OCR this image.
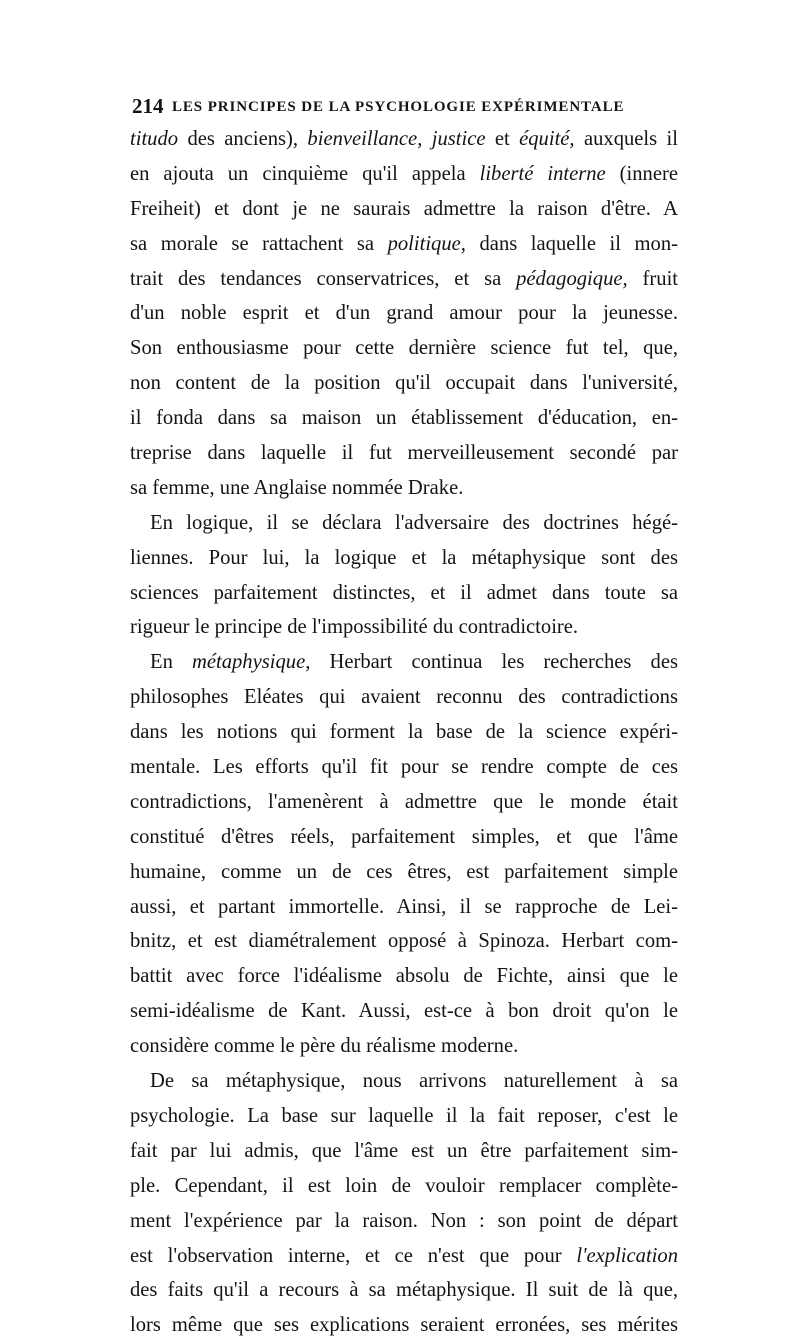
214 LES PRINCIPES DE LA PSYCHOLOGIE EXPÉRIMENTALE
titudo des anciens), bienveillance, justice et équité, auxquels il
en ajouta un cinquième qu'il appela liberté interne (innere
Freiheit) et dont je ne saurais admettre la raison d'être. A
sa morale se rattachent sa politique, dans laquelle il mon-
trait des tendances conservatrices, et sa pédagogique, fruit
d'un noble esprit et d'un grand amour pour la jeunesse.
Son enthousiasme pour cette dernière science fut tel, que,
non content de la position qu'il occupait dans l'université,
il fonda dans sa maison un établissement d'éducation, en-
treprise dans laquelle il fut merveilleusement secondé par
sa femme, une Anglaise nommée Drake.
En logique, il se déclara l'adversaire des doctrines hégé-
liennes. Pour lui, la logique et la métaphysique sont des
sciences parfaitement distinctes, et il admet dans toute sa
rigueur le principe de l'impossibilité du contradictoire.
En métaphysique, Herbart continua les recherches des
philosophes Eléates qui avaient reconnu des contradictions
dans les notions qui forment la base de la science expéri-
mentale. Les efforts qu'il fit pour se rendre compte de ces
contradictions, l'amenèrent à admettre que le monde était
constitué d'êtres réels, parfaitement simples, et que l'âme
humaine, comme un de ces êtres, est parfaitement simple
aussi, et partant immortelle. Ainsi, il se rapproche de Lei-
bnitz, et est diamétralement opposé à Spinoza. Herbart com-
battit avec force l'idéalisme absolu de Fichte, ainsi que le
semi-idéalisme de Kant. Aussi, est-ce à bon droit qu'on le
considère comme le père du réalisme moderne.
De sa métaphysique, nous arrivons naturellement à sa
psychologie. La base sur laquelle il la fait reposer, c'est le
fait par lui admis, que l'âme est un être parfaitement sim-
ple. Cependant, il est loin de vouloir remplacer complète-
ment l'expérience par la raison. Non : son point de départ
est l'observation interne, et ce n'est que pour l'explication
des faits qu'il a recours à sa métaphysique. Il suit de là que,
lors même que ses explications seraient erronées, ses mérites
